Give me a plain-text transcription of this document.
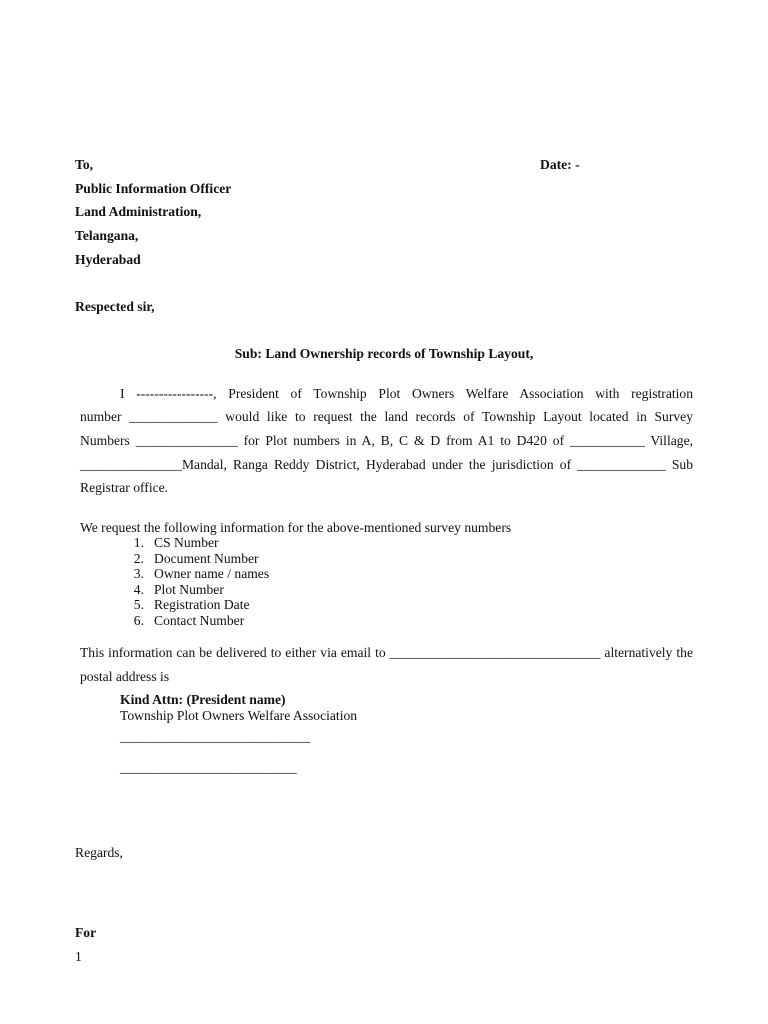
To,	Date: -
Public Information Officer
Land Administration,
Telangana,
Hyderabad
Respected sir,
Sub: Land Ownership records of Township Layout,
I -----------------, President of Township Plot Owners Welfare Association with registration
number _____________ would like to request the land records of Township Layout located in Survey
Numbers _______________ for Plot numbers in A, B, C & D from A1 to D420 of ___________ Village,
_______________Mandal, Ranga Reddy District, Hyderabad under the jurisdiction of _____________ Sub
Registrar office.
We request the following information for the above-mentioned survey numbers
1. CS Number
2. Document Number
3. Owner name / names
4. Plot Number
5. Registration Date
6. Contact Number
This information can be delivered to either via email to _______________________________ alternatively the
postal address is
Kind Attn: (President name)
Township Plot Owners Welfare Association
____________________________
__________________________
Regards,
For
1
